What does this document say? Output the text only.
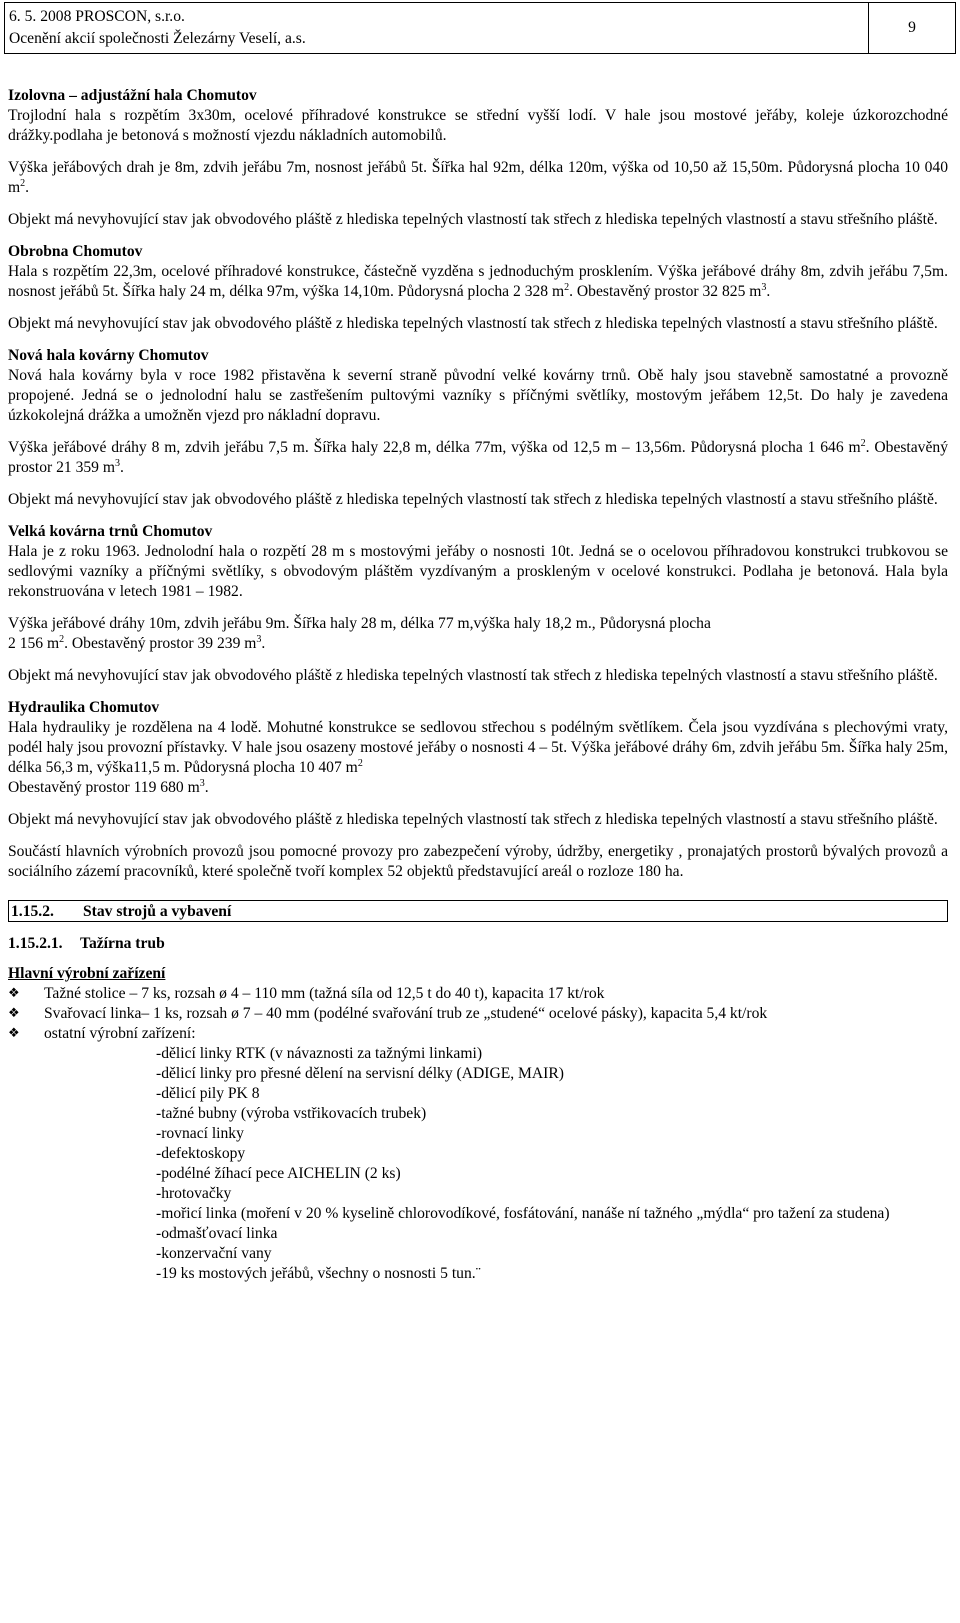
6. 5. 2008 PROSCON, s.r.o.
Ocenění akcií společnosti Železárny Veselí, a.s.
9

Izolovna – adjustážní hala Chomutov

Trojlodní hala s rozpětím 3x30m, ocelové příhradové konstrukce se střední vyšší lodí. V hale jsou mostové jeřáby, koleje úzkorozchodné drážky.podlaha je betonová s možností vjezdu nákladních automobilů.

Výška jeřábových drah je 8m, zdvih jeřábu 7m, nosnost jeřábů 5t. Šířka hal 92m, délka 120m, výška od 10,50 až 15,50m. Půdorysná plocha 10 040 $m^2$.

Objekt má nevyhovující stav jak obvodového pláště z hlediska tepelných vlastností tak střech z hlediska tepelných vlastností a stavu střešního pláště.

Obrobna Chomutov

Hala s rozpětím 22,3m, ocelové příhradové konstrukce, částečně vyzděna s jednoduchým prosklením. Výška jeřábové dráhy 8m, zdvih jeřábu 7,5m. nosnost jeřábů 5t. Šířka haly 24 m, délka 97m, výška 14,10m. Půdorysná plocha 2 328 $m^2$. Obestavěný prostor 32 825 $m^3$.

Objekt má nevyhovující stav jak obvodového pláště z hlediska tepelných vlastností tak střech z hlediska tepelných vlastností a stavu střešního pláště.

Nová hala kovárny Chomutov

Nová hala kovárny byla v roce 1982 přistavěna k severní straně původní velké kovárny trnů. Obě haly jsou stavebně samostatné a provozně propojené. Jedná se o jednolodní halu se zastřešením pultovými vazníky s příčnými světlíky, mostovým jeřábem 12,5t. Do haly je zavedena úzkokolejná drážka a umožněn vjezd pro nákladní dopravu.

Výška jeřábové dráhy 8 m, zdvih jeřábu 7,5 m. Šířka haly 22,8 m, délka 77m, výška od 12,5 m – 13,56m. Půdorysná plocha 1 646 $m^2$. Obestavěný prostor 21 359 $m^3$.

Objekt má nevyhovující stav jak obvodového pláště z hlediska tepelných vlastností tak střech z hlediska tepelných vlastností a stavu střešního pláště.

Velká kovárna trnů Chomutov

Hala je z roku 1963. Jednolodní hala o rozpětí 28 m s mostovými jeřáby o nosnosti 10t. Jedná se o ocelovou příhradovou konstrukci trubkovou se sedlovými vazníky a příčnými světlíky, s obvodovým pláštěm vyzdívaným a proskleným v ocelové konstrukci. Podlaha je betonová. Hala byla rekonstruována v letech 1981 – 1982.

Výška jeřábové dráhy 10m, zdvih jeřábu 9m. Šířka haly 28 m, délka 77 m,výška haly 18,2 m., Půdorysná plocha
2 156 $m^2$. Obestavěný prostor 39 239 $m^3$.

Objekt má nevyhovující stav jak obvodového pláště z hlediska tepelných vlastností tak střech z hlediska tepelných vlastností a stavu střešního pláště.

Hydraulika Chomutov

Hala hydrauliky je rozdělena na 4 lodě. Mohutné konstrukce se sedlovou střechou s podélným světlíkem. Čela jsou vyzdívána s plechovými vraty, podél haly jsou provozní přístavky. V hale jsou osazeny mostové jeřáby o nosnosti 4 – 5t. Výška jeřábové dráhy 6m, zdvih jeřábu 5m. Šířka haly 25m, délka 56,3 m, výška11,5 m. Půdorysná plocha 10 407 $m^2$
Obestavěný prostor 119 680 $m^3$.

Objekt má nevyhovující stav jak obvodového pláště z hlediska tepelných vlastností tak střech z hlediska tepelných vlastností a stavu střešního pláště.

Součástí hlavních výrobních provozů jsou pomocné provozy pro zabezpečení výroby, údržby, energetiky , pronajatých prostorů bývalých provozů a sociálního zázemí pracovníků, které společně tvoří komplex 52 objektů představující areál o rozloze 180 ha.

1.15.2. Stav strojů a vybavení
1.15.2.1. Tažírna trub
Hlavní výrobní zařízení
❖	Tažné stolice – 7 ks, rozsah ø 4 – 110 mm (tažná síla od 12,5 t do 40 t), kapacita 17 kt/rok
❖	Svařovací linka– 1 ks, rozsah ø 7 – 40 mm (podélné svařování trub ze „studené“ ocelové pásky), kapacita 5,4 kt/rok
❖	ostatní výrobní zařízení:
-dělicí linky RTK (v návaznosti za tažnými linkami)
-dělicí linky pro přesné dělení na servisní délky (ADIGE, MAIR)
-dělicí pily PK 8
-tažné bubny (výroba vstřikovacích trubek)
-rovnací linky
-defektoskopy
-podélné žíhací pece AICHELIN (2 ks)
-hrotovačky
-mořicí linka (moření v 20 % kyselině chlorovodíkové, fosfátování, nanáše ní tažného „mýdla“ pro tažení za studena)
-odmašťovací linka
-konzervační vany
-19 ks mostových jeřábů, všechny o nosnosti 5 tun.¨
